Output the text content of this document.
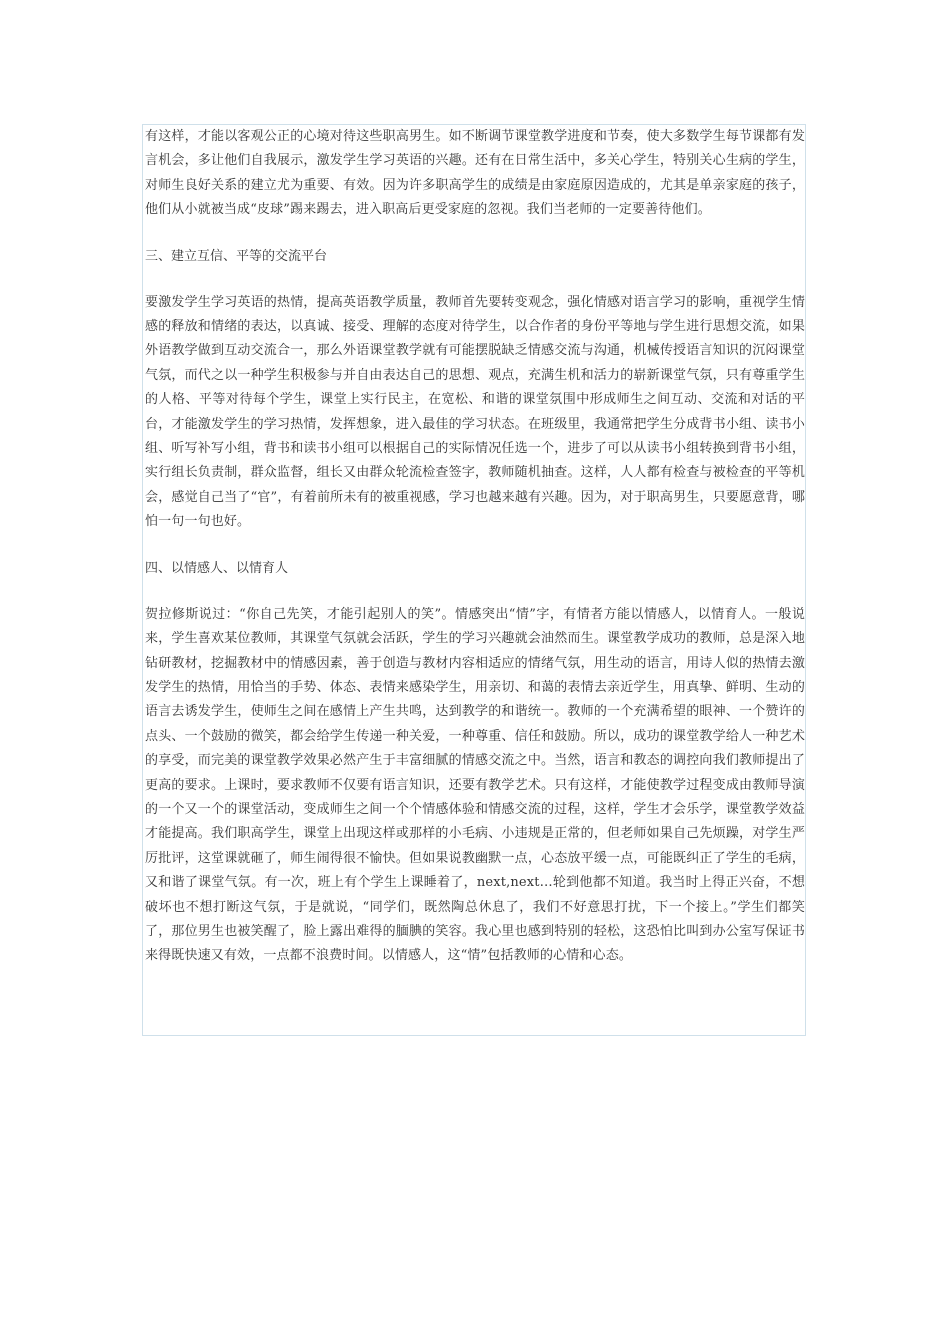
有这样，才能以客观公正的心境对待这些职高男生。如不断调节课堂教学进度和节奏，使大多数学生每节课都有发言机会，多让他们自我展示，激发学生学习英语的兴趣。还有在日常生活中，多关心学生，特别关心生病的学生，对师生良好关系的建立尤为重要、有效。因为许多职高学生的成绩是由家庭原因造成的，尤其是单亲家庭的孩子，他们从小就被当成“皮球”踢来踢去，进入职高后更受家庭的忽视。我们当老师的一定要善待他们。

三、建立互信、平等的交流平台

要激发学生学习英语的热情，提高英语教学质量，教师首先要转变观念，强化情感对语言学习的影响，重视学生情感的释放和情绪的表达，以真诚、接受、理解的态度对待学生，以合作者的身份平等地与学生进行思想交流，如果外语教学做到互动交流合一，那么外语课堂教学就有可能摆脱缺乏情感交流与沟通，机械传授语言知识的沉闷课堂气氛，而代之以一种学生积极参与并自由表达自己的思想、观点，充满生机和活力的崭新课堂气氛，只有尊重学生的人格、平等对待每个学生，课堂上实行民主，在宽松、和谐的课堂氛围中形成师生之间互动、交流和对话的平台，才能激发学生的学习热情，发挥想象，进入最佳的学习状态。在班级里，我通常把学生分成背书小组、读书小组、听写补写小组，背书和读书小组可以根据自己的实际情况任选一个，进步了可以从读书小组转换到背书小组，实行组长负责制，群众监督，组长又由群众轮流检查签字，教师随机抽查。这样，人人都有检查与被检查的平等机会，感觉自己当了“官”，有着前所未有的被重视感，学习也越来越有兴趣。因为，对于职高男生，只要愿意背，哪怕一句一句也好。

四、以情感人、以情育人

贺拉修斯说过：“你自己先笑，才能引起别人的笑”。情感突出“情”字，有情者方能以情感人，以情育人。一般说来，学生喜欢某位教师，其课堂气氛就会活跃，学生的学习兴趣就会油然而生。课堂教学成功的教师，总是深入地钻研教材，挖掘教材中的情感因素，善于创造与教材内容相适应的情绪气氛，用生动的语言，用诗人似的热情去激发学生的热情，用恰当的手势、体态、表情来感染学生，用亲切、和蔼的表情去亲近学生，用真挚、鲜明、生动的语言去诱发学生，使师生之间在感情上产生共鸣，达到教学的和谐统一。教师的一个充满希望的眼神、一个赞许的点头、一个鼓励的微笑，都会给学生传递一种关爱，一种尊重、信任和鼓励。所以，成功的课堂教学给人一种艺术的享受，而完美的课堂教学效果必然产生于丰富细腻的情感交流之中。当然，语言和教态的调控向我们教师提出了更高的要求。上课时，要求教师不仅要有语言知识，还要有教学艺术。只有这样，才能使教学过程变成由教师导演的一个又一个的课堂活动，变成师生之间一个个情感体验和情感交流的过程，这样，学生才会乐学，课堂教学效益才能提高。我们职高学生，课堂上出现这样或那样的小毛病、小违规是正常的，但老师如果自己先烦躁，对学生严厉批评，这堂课就砸了，师生闹得很不愉快。但如果说教幽默一点，心态放平缓一点，可能既纠正了学生的毛病，又和谐了课堂气氛。有一次，班上有个学生上课睡着了，next,next…轮到他都不知道。我当时上得正兴奋，不想破坏也不想打断这气氛，于是就说，“同学们，既然陶总休息了，我们不好意思打扰，下一个接上。”学生们都笑了，那位男生也被笑醒了，脸上露出难得的腼腆的笑容。我心里也感到特别的轻松，这恐怕比叫到办公室写保证书来得既快速又有效，一点都不浪费时间。以情感人，这“情”包括教师的心情和心态。
